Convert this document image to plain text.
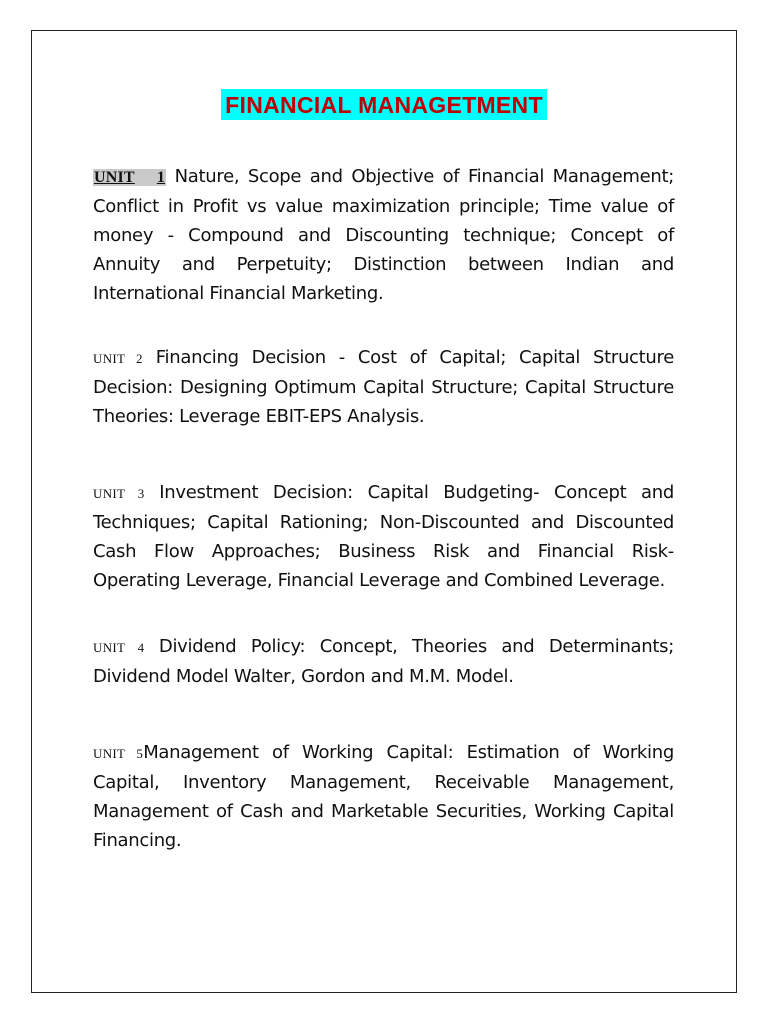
FINANCIAL MANAGETMENT

UNIT 1 Nature, Scope and Objective of Financial Management; Conflict in Profit vs value maximization principle; Time value of money - Compound and Discounting technique; Concept of Annuity and Perpetuity; Distinction between Indian and International Financial Marketing.

UNIT 2 Financing Decision - Cost of Capital; Capital Structure Decision: Designing Optimum Capital Structure; Capital Structure Theories: Leverage EBIT-EPS Analysis.

UNIT 3 Investment Decision: Capital Budgeting- Concept and Techniques; Capital Rationing; Non-Discounted and Discounted Cash Flow Approaches; Business Risk and Financial Risk- Operating Leverage, Financial Leverage and Combined Leverage.

UNIT 4 Dividend Policy: Concept, Theories and Determinants; Dividend Model Walter, Gordon and M.M. Model.

UNIT 5Management of Working Capital: Estimation of Working Capital, Inventory Management, Receivable Management, Management of Cash and Marketable Securities, Working Capital Financing.
